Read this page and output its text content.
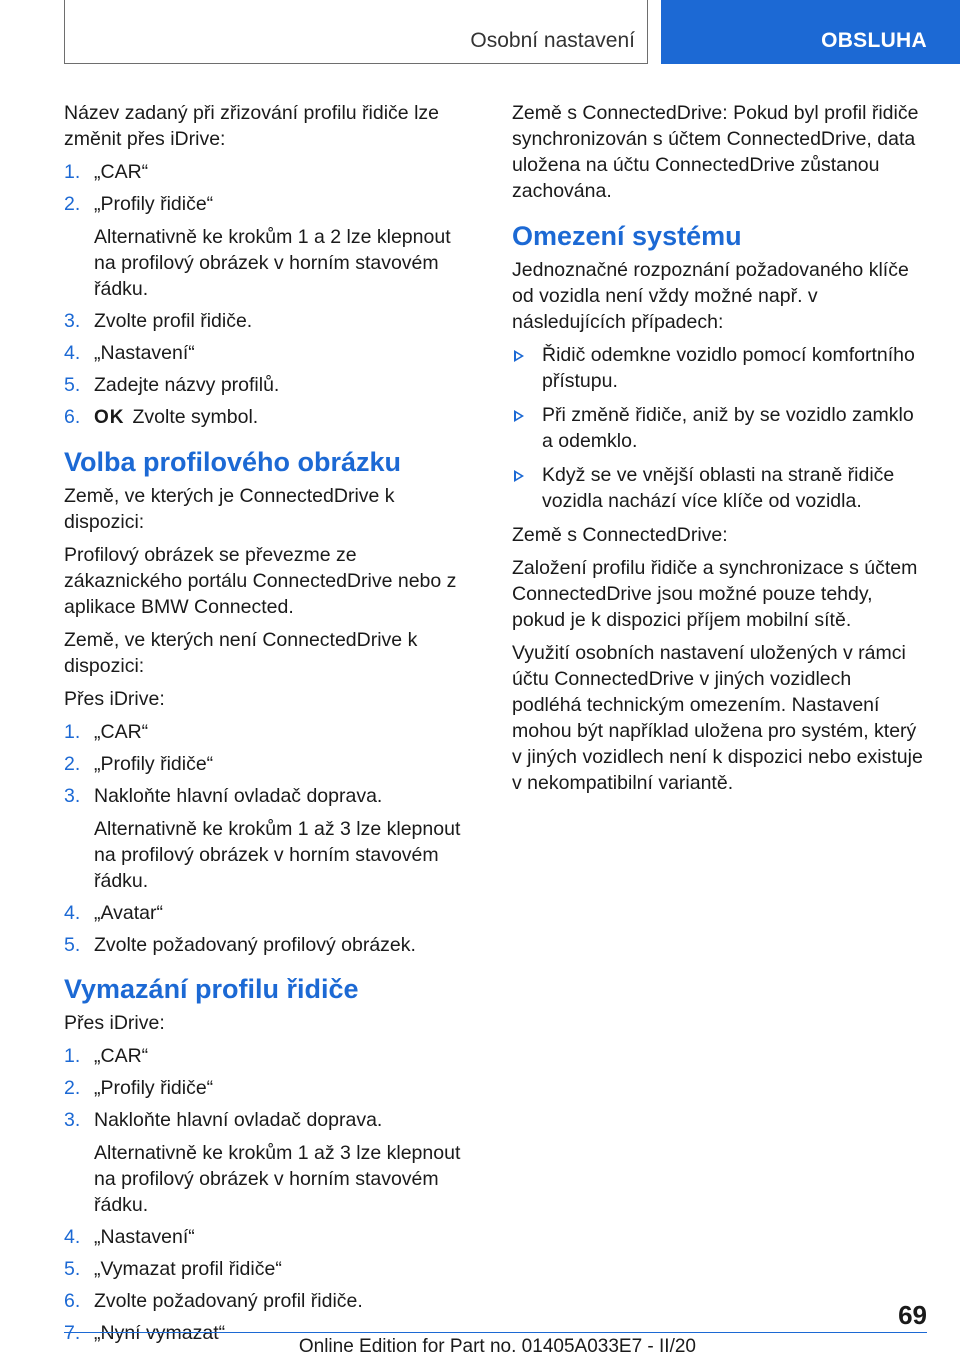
Osobní nastavení	OBSLUHA

Název zadaný při zřizování profilu řidiče lze změnit přes iDrive:

1. „CAR“
2. „Profily řidiče“
Alternativně ke krokům 1 a 2 lze klepnout na profilový obrázek v horním stavovém řádku.
3. Zvolte profil řidiče.
4. „Nastavení“
5. Zadejte názvy profilů.
6. OK Zvolte symbol.
Volba profilového obrázku

Země, ve kterých je ConnectedDrive k dispozici:

Profilový obrázek se převezme ze zákaznického portálu ConnectedDrive nebo z aplikace BMW Connected.

Země, ve kterých není ConnectedDrive k dispozici:

Přes iDrive:

1. „CAR“
2. „Profily řidiče“
3. Nakloňte hlavní ovladač doprava.
Alternativně ke krokům 1 až 3 lze klepnout na profilový obrázek v horním stavovém řádku.
4. „Avatar“
5. Zvolte požadovaný profilový obrázek.
Vymazání profilu řidiče

Přes iDrive:

1. „CAR“
2. „Profily řidiče“
3. Nakloňte hlavní ovladač doprava.
Alternativně ke krokům 1 až 3 lze klepnout na profilový obrázek v horním stavovém řádku.
4. „Nastavení“
5. „Vymazat profil řidiče“
6. Zvolte požadovaný profil řidiče.
7. „Nyní vymazat“

Země s ConnectedDrive: Pokud byl profil řidiče synchronizován s účtem ConnectedDrive, data uložena na účtu ConnectedDrive zůstanou zachována.

Omezení systému

Jednoznačné rozpoznání požadovaného klíče od vozidla není vždy možné např. v následujících případech:

Řidič odemkne vozidlo pomocí komfortního přístupu.
Při změně řidiče, aniž by se vozidlo zamklo a odemklo.
Když se ve vnější oblasti na straně řidiče vozidla nachází více klíče od vozidla.

Země s ConnectedDrive:

Založení profilu řidiče a synchronizace s účtem ConnectedDrive jsou možné pouze tehdy, pokud je k dispozici příjem mobilní sítě.

Využití osobních nastavení uložených v rámci účtu ConnectedDrive v jiných vozidlech podléhá technickým omezením. Nastavení mohou být například uložena pro systém, který v jiných vozidlech není k dispozici nebo existuje v nekompatibilní variantě.

69
Online Edition for Part no. 01405A033E7 - II/20
